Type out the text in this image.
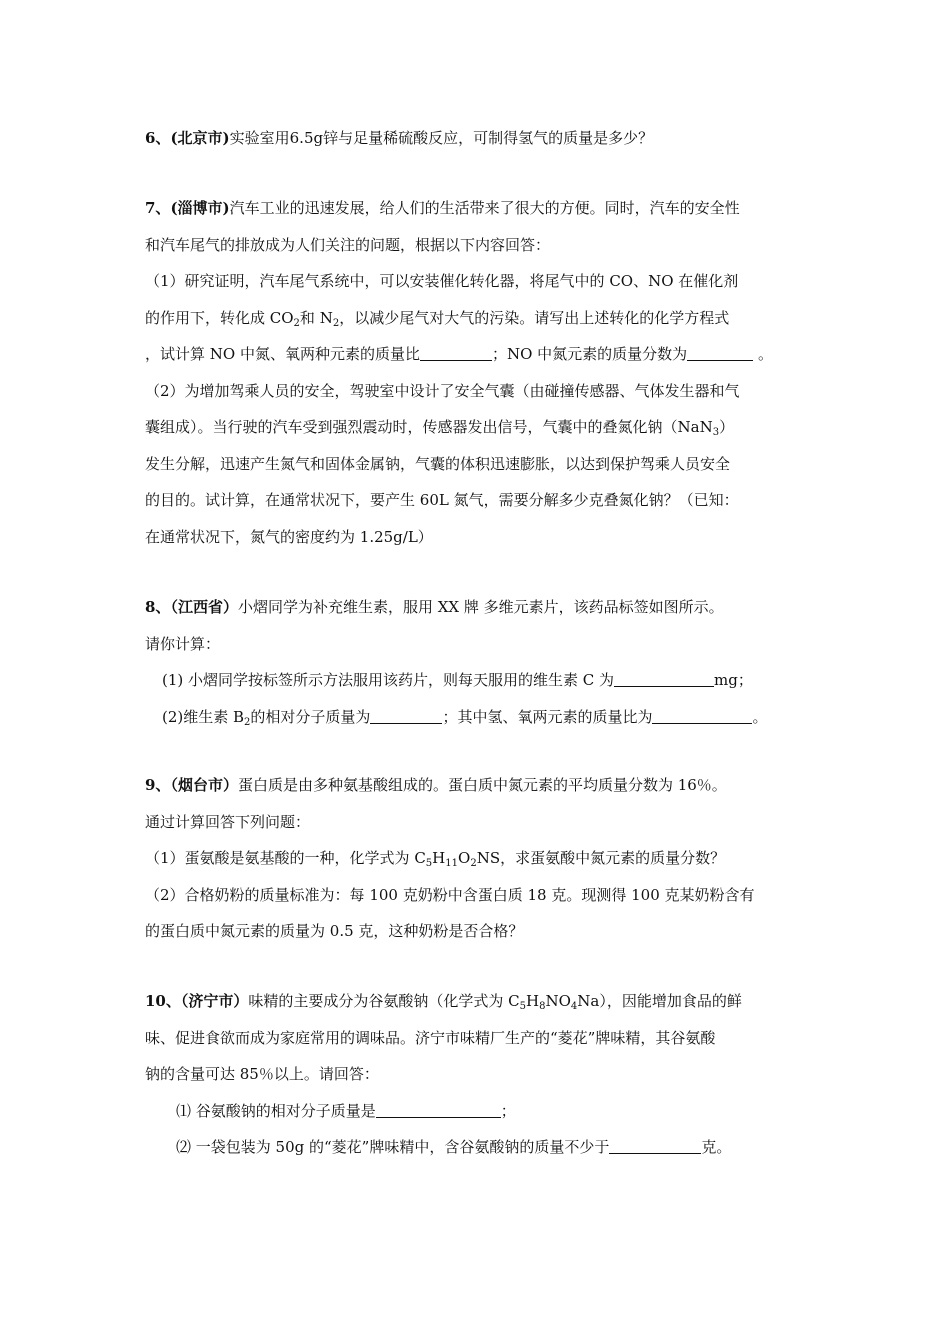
6、(北京市)实验室用6.5g锌与足量稀硫酸反应，可制得氢气的质量是多少？
7、(淄博市)汽车工业的迅速发展，给人们的生活带来了很大的方便。同时，汽车的安全性
和汽车尾气的排放成为人们关注的问题，根据以下内容回答：
（1）研究证明，汽车尾气系统中，可以安装催化转化器，将尾气中的 CO、NO 在催化剂
的作用下，转化成 $CO_2$和 $N_2$，以减少尾气对大气的污染。请写出上述转化的化学方程式
，试计算 NO 中氮、氧两种元素的质量比	；NO 中氮元素的质量分数为	。
（2）为增加驾乘人员的安全，驾驶室中设计了安全气囊（由碰撞传感器、气体发生器和气
囊组成）。当行驶的汽车受到强烈震动时，传感器发出信号，气囊中的叠氮化钠（NaN$_3$）
发生分解，迅速产生氮气和固体金属钠，气囊的体积迅速膨胀，以达到保护驾乘人员安全
的目的。试计算，在通常状况下，要产生 60L 氮气，需要分解多少克叠氮化钠？（已知：
在通常状况下，氮气的密度约为 1.25g/L）
8、（江西省）小熠同学为补充维生素，服用 XX 牌 多维元素片，该药品标签如图所示。
请你计算：
(1) 小熠同学按标签所示方法服用该药片，则每天服用的维生素 C 为	mg；
(2)维生素 $B_2$的相对分子质量为	；其中氢、氧两元素的质量比为	。
9、（烟台市）蛋白质是由多种氨基酸组成的。蛋白质中氮元素的平均质量分数为 16％。
通过计算回答下列问题：
（1）蛋氨酸是氨基酸的一种，化学式为 $C_5H_{11}O_2NS$，求蛋氨酸中氮元素的质量分数？
（2）合格奶粉的质量标准为：每 100 克奶粉中含蛋白质 18 克。现测得 100 克某奶粉含有
的蛋白质中氮元素的质量为 0.5 克，这种奶粉是否合格？
10、（济宁市）味精的主要成分为谷氨酸钠（化学式为 $C_5H_8NO_4Na$），因能增加食品的鲜
味、促进食欲而成为家庭常用的调味品。济宁市味精厂生产的“菱花”牌味精，其谷氨酸
钠的含量可达 85％以上。请回答：
⑴ 谷氨酸钠的相对分子质量是	；
⑵ 一袋包装为 50g 的“菱花”牌味精中，含谷氨酸钠的质量不少于	克。
